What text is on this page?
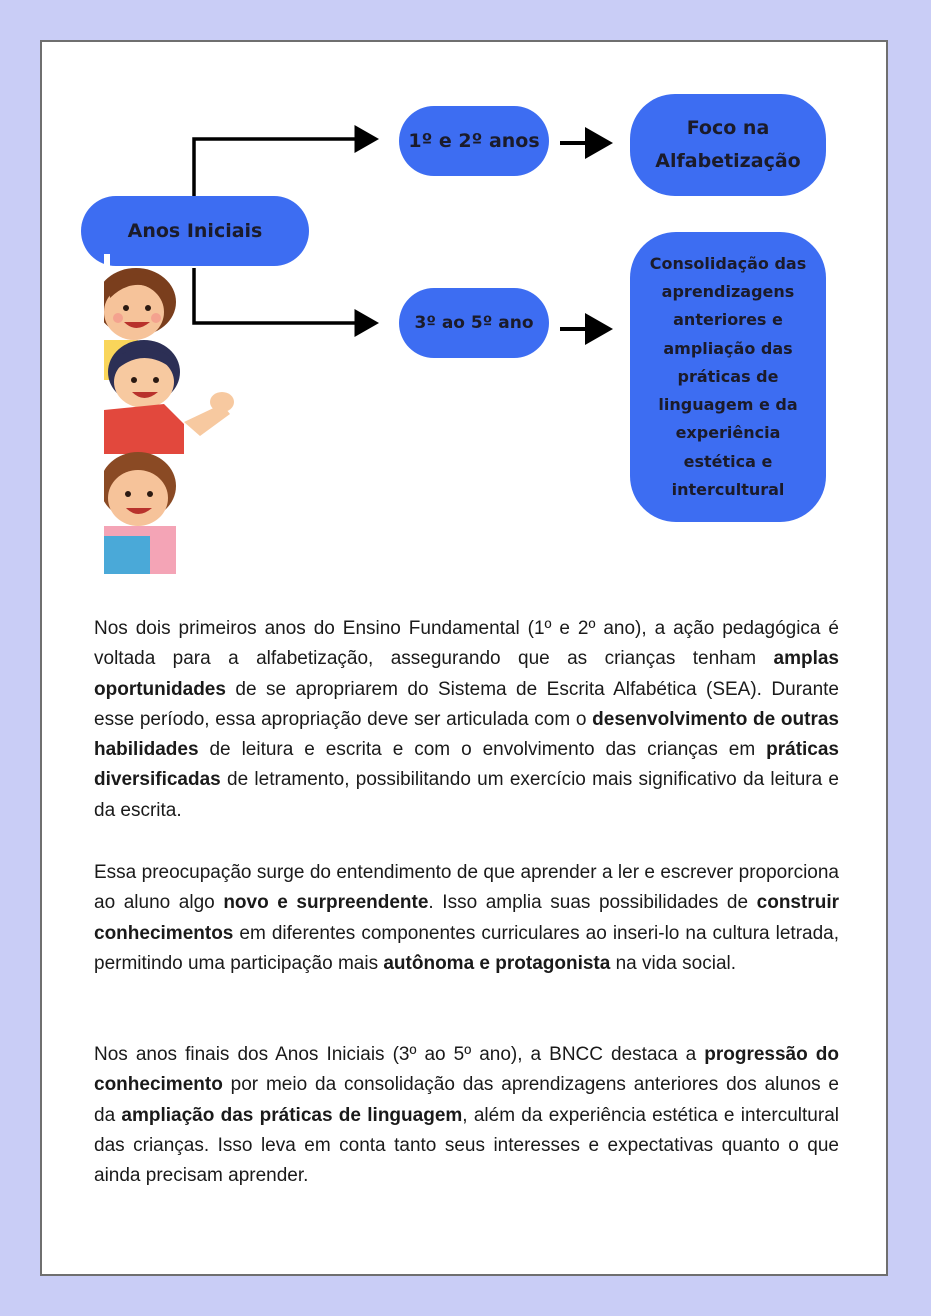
Anos Iniciais
1º e 2º anos
Foco na Alfabetização
3º ao 5º ano
Consolidação das aprendizagens anteriores e ampliação das práticas de linguagem e da experiência estética e intercultural
Nos dois primeiros anos do Ensino Fundamental (1º e 2º ano), a ação pedagógica é voltada para a alfabetização, assegurando que as crianças tenham amplas oportunidades de se apropriarem do Sistema de Escrita Alfabética (SEA). Durante esse período, essa apropriação deve ser articulada com o desenvolvimento de outras habilidades de leitura e escrita e com o envolvimento das crianças em práticas diversificadas de letramento, possibilitando um exercício mais significativo da leitura e da escrita.
Essa preocupação surge do entendimento de que aprender a ler e escrever proporciona ao aluno algo novo e surpreendente. Isso amplia suas possibilidades de construir conhecimentos em diferentes componentes curriculares ao inseri-lo na cultura letrada, permitindo uma participação mais autônoma e protagonista na vida social.
Nos anos finais dos Anos Iniciais (3º ao 5º ano), a BNCC destaca a progressão do conhecimento por meio da consolidação das aprendizagens anteriores dos alunos e da ampliação das práticas de linguagem, além da experiência estética e intercultural das crianças. Isso leva em conta tanto seus interesses e expectativas quanto o que ainda precisam aprender.
